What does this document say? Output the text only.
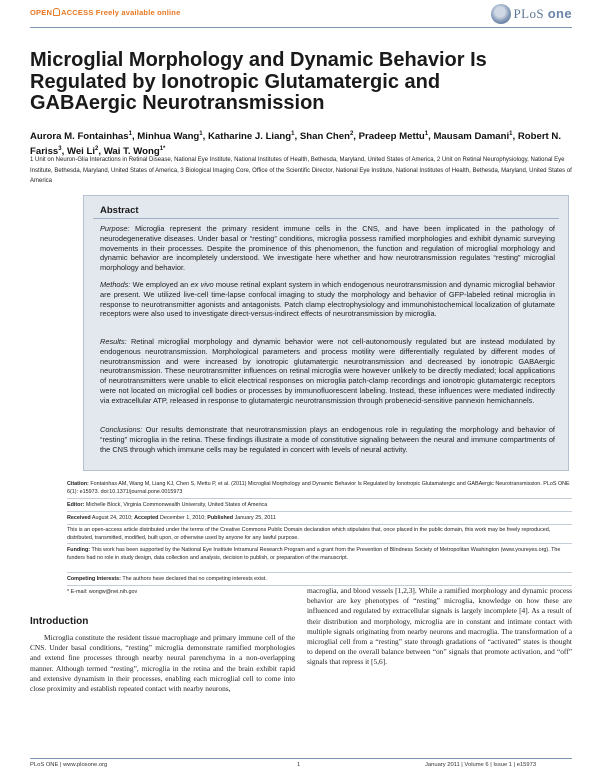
OPEN ACCESS Freely available online	PLoS one
Microglial Morphology and Dynamic Behavior Is Regulated by Ionotropic Glutamatergic and GABAergic Neurotransmission
Aurora M. Fontainhas$^1$, Minhua Wang$^1$, Katharine J. Liang$^1$, Shan Chen$^2$, Pradeep Mettu$^1$, Mausam Damani$^1$, Robert N. Fariss$^3$, Wei Li$^2$, Wai T. Wong$^{1*}$
1 Unit on Neuron-Glia Interactions in Retinal Disease, National Eye Institute, National Institutes of Health, Bethesda, Maryland, United States of America, 2 Unit on Retinal Neurophysiology, National Eye Institute, Bethesda, Maryland, United States of America, 3 Biological Imaging Core, Office of the Scientific Director, National Eye Institute, National Institutes of Health, Bethesda, Maryland, United States of America
Abstract
Purpose: Microglia represent the primary resident immune cells in the CNS, and have been implicated in the pathology of neurodegenerative diseases. Under basal or “resting” conditions, microglia possess ramified morphologies and exhibit dynamic surveying movements in their processes. Despite the prominence of this phenomenon, the function and regulation of microglial morphology and dynamic behavior are incompletely understood. We investigate here whether and how neurotransmission regulates “resting” microglial morphology and behavior.
Methods: We employed an ex vivo mouse retinal explant system in which endogenous neurotransmission and dynamic microglial behavior are present. We utilized live-cell time-lapse confocal imaging to study the morphology and behavior of GFP-labeled retinal microglia in response to neurotransmitter agonists and antagonists. Patch clamp electrophysiology and immunohistochemical localization of glutamate receptors were also used to investigate direct-versus-indirect effects of neurotransmission by microglia.
Results: Retinal microglial morphology and dynamic behavior were not cell-autonomously regulated but are instead modulated by endogenous neurotransmission. Morphological parameters and process motility were differentially regulated by different modes of neurotransmission and were increased by ionotropic glutamatergic neurotransmission and decreased by ionotropic GABAergic neurotransmission. These neurotransmitter influences on retinal microglia were however unlikely to be directly mediated; local applications of neurotransmitters were unable to elicit electrical responses on microglia patch-clamp recordings and ionotropic glutamatergic receptors were not located on microglial cell bodies or processes by immunofluorescent labeling. Instead, these influences were mediated indirectly via extracellular ATP, released in response to glutamatergic neurotransmission through probenecid-sensitive pannexin hemichannels.
Conclusions: Our results demonstrate that neurotransmission plays an endogenous role in regulating the morphology and behavior of “resting” microglia in the retina. These findings illustrate a mode of constitutive signaling between the neural and immune compartments of the CNS through which immune cells may be regulated in concert with levels of neural activity.
Citation: Fontainhas AM, Wang M, Liang KJ, Chen S, Mettu P, et al. (2011) Microglial Morphology and Dynamic Behavior Is Regulated by Ionotropic Glutamatergic and GABAergic Neurotransmission. PLoS ONE 6(1): e15973. doi:10.1371/journal.pone.0015973
Editor: Michelle Block, Virginia Commonwealth University, United States of America
Received August 24, 2010; Accepted December 1, 2010; Published January 25, 2011
This is an open-access article distributed under the terms of the Creative Commons Public Domain declaration which stipulates that, once placed in the public domain, this work may be freely reproduced, distributed, transmitted, modified, built upon, or otherwise used by anyone for any lawful purpose.
Funding: This work has been supported by the National Eye Institute Intramural Research Program and a grant from the Prevention of Blindness Society of Metropolitan Washington (www.youreyes.org). The funders had no role in study design, data collection and analysis, decision to publish, or preparation of the manuscript.
Competing Interests: The authors have declared that no competing interests exist.
* E-mail: wongw@nei.nih.gov
Introduction
Microglia constitute the resident tissue macrophage and primary immune cell of the CNS. Under basal conditions, “resting” microglia demonstrate ramified morphologies and extend fine processes through nearby neural parenchyma in a non-overlapping manner. Although termed “resting”, microglia in the retina and the brain exhibit rapid and extensive dynamism in their processes, enabling each microglial cell to come into close proximity and establish repeated contact with nearby neurons,
macroglia, and blood vessels [1,2,3]. While a ramified morphology and dynamic process behavior are key phenotypes of “resting” microglia, knowledge on how these are influenced and regulated by extracellular signals is largely incomplete [4]. As a result of their distribution and morphology, microglia are in constant and intimate contact with multiple signals originating from nearby neurons and macroglia. The transformation of a microglial cell from a “resting” state through gradations of “activated” states is thought to depend on the overall balance between “on” signals that promote activation, and “off” signals that repress it [5,6].
PLoS ONE | www.plosone.org	1	January 2011 | Volume 6 | Issue 1 | e15973
